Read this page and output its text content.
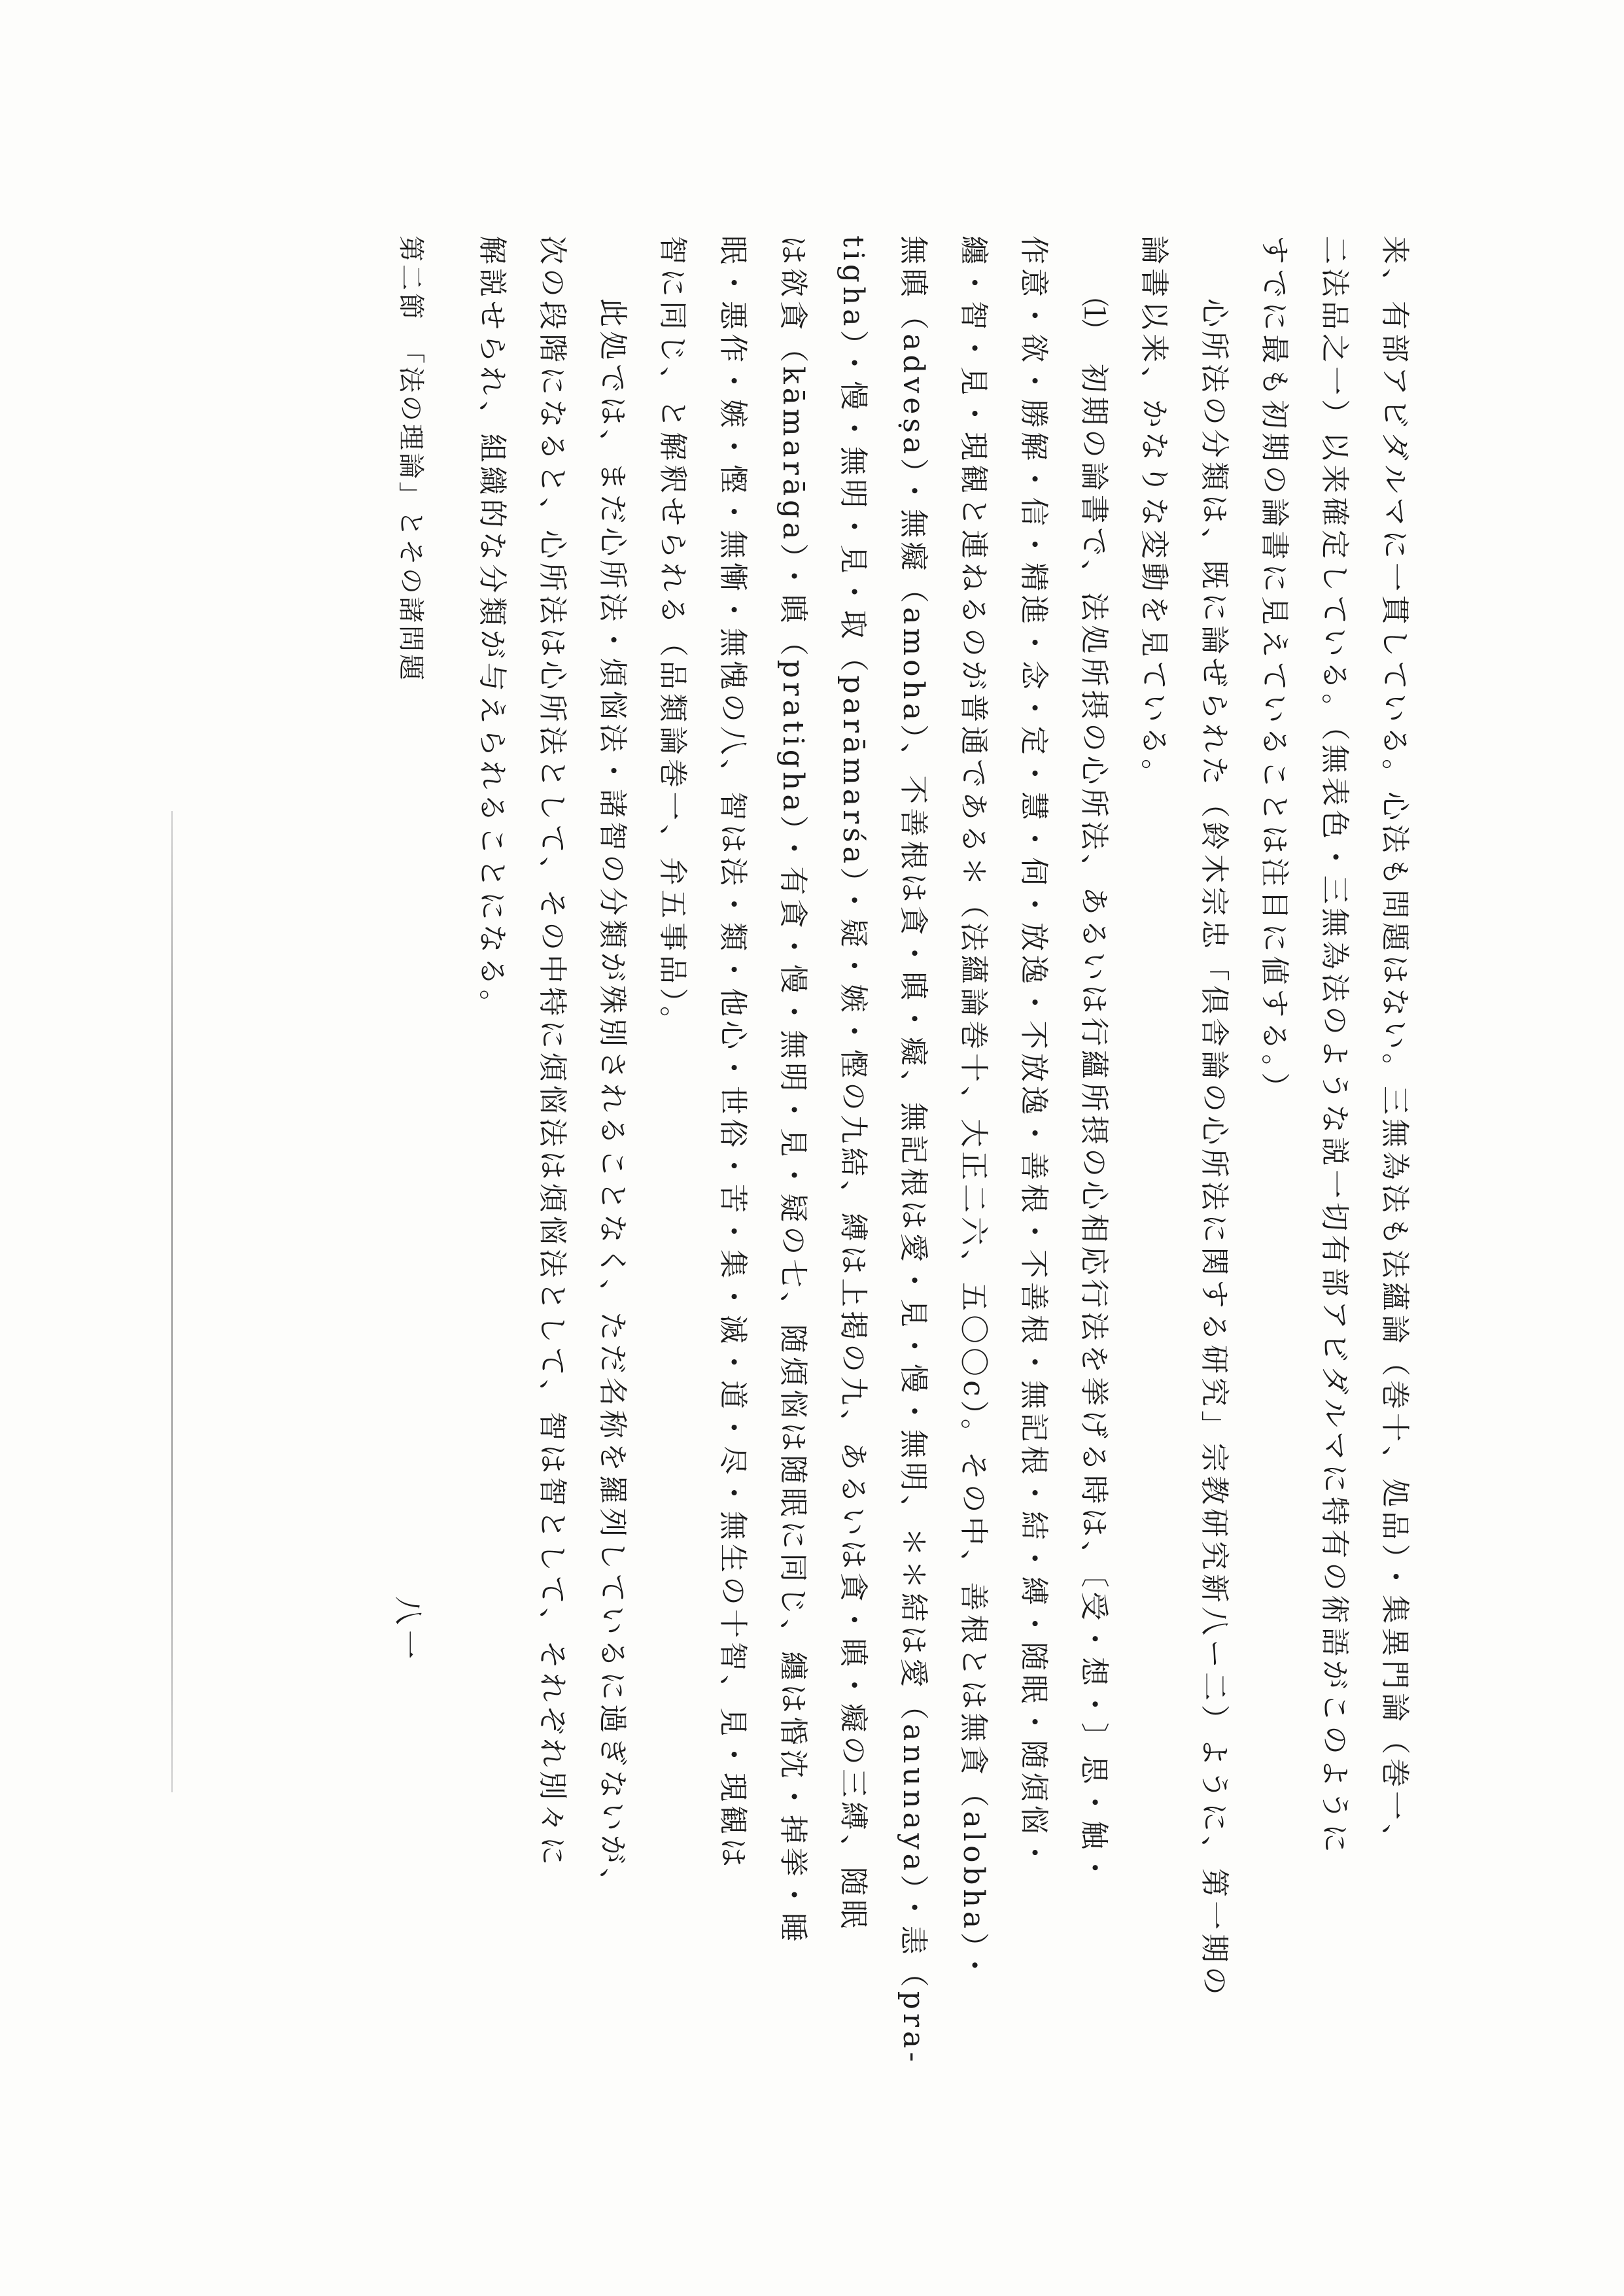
来、有部アビダルマに一貫している。心法も問題はない。三無為法も法蘊論（巻十、処品）・集異門論（巻一、
二法品之一）以来確定している。（無表色・三無為法のような説一切有部アビダルマに特有の術語がこのように
すでに最も初期の論書に見えていることは注目に値する。）
心所法の分類は、既に論ぜられた（鈴木宗忠「倶舎論の心所法に関する研究」宗教研究新八ー二）ように、第一期の
論書以来、かなりな変動を見ている。
⑴　初期の論書で、法処所摂の心所法、あるいは行蘊所摂の心相応行法を挙げる時は、〔受・想・〕思・触・
作意・欲・勝解・信・精進・念・定・慧・伺・放逸・不放逸・善根・不善根・無記根・結・縛・随眠・随煩悩・
纏・智・見・現観と連ねるのが普通である＊（法蘊論巻十、大正二六、五〇〇c）。その中、善根とは無貪（alobha）・
無瞋（adveṣa）・無癡（amoha）、不善根は貪・瞋・癡、無記根は愛・見・慢・無明、＊＊結は愛（anunaya）・恚（pra-
tigha）・慢・無明・見・取（parāmarśa）・疑・嫉・慳の九結、縛は上掲の九、あるいは貪・瞋・癡の三縛、随眠
は欲貪（kāmarāga）・瞋（pratigha）・有貪・慢・無明・見・疑の七、随煩悩は随眠に同じ、纏は惛沈・掉挙・睡
眠・悪作・嫉・慳・無慚・無愧の八、智は法・類・他心・世俗・苦・集・滅・道・尽・無生の十智、見・現観は
智に同じ、と解釈せられる（品類論巻一、弁五事品）。
此処では、まだ心所法・煩悩法・諸智の分類が殊別されることなく、ただ名称を羅列しているに過ぎないが、
次の段階になると、心所法は心所法として、その中特に煩悩法は煩悩法として、智は智として、それぞれ別々に
解説せられ、組織的な分類が与えられることになる。
第二節　「法の理論」とその諸問題
八一
